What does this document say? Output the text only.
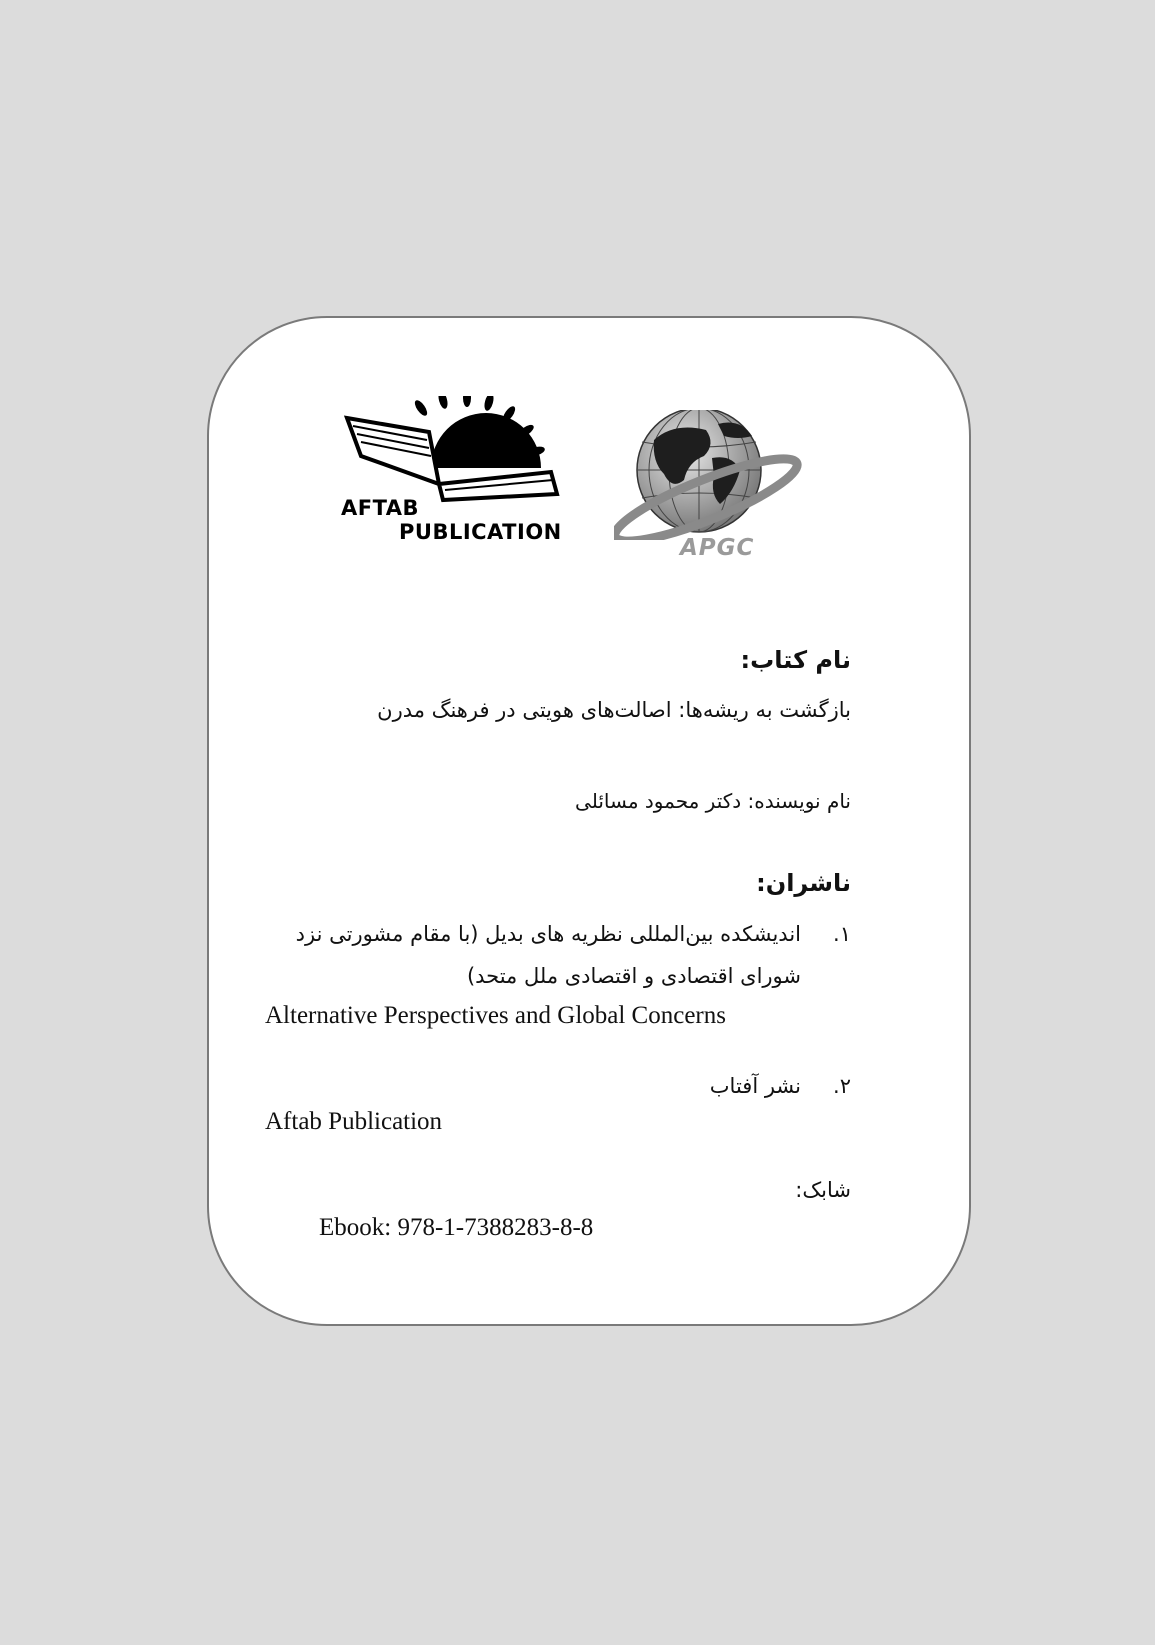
AFTAB
PUBLICATION
APGC
نام کتاب:
بازگشت به ریشه‌ها: اصالت‌های هویتی در فرهنگ مدرن
نام نویسنده: دکتر محمود مسائلی
ناشران:
۱.
اندیشکده بین‌المللی نظریه های بدیل (با مقام مشورتی نزد
شورای اقتصادی و اقتصادی ملل متحد)
Alternative Perspectives and Global Concerns
۲.
نشر آفتاب
Aftab Publication
شابک:
Ebook: 978-1-7388283-8-8
